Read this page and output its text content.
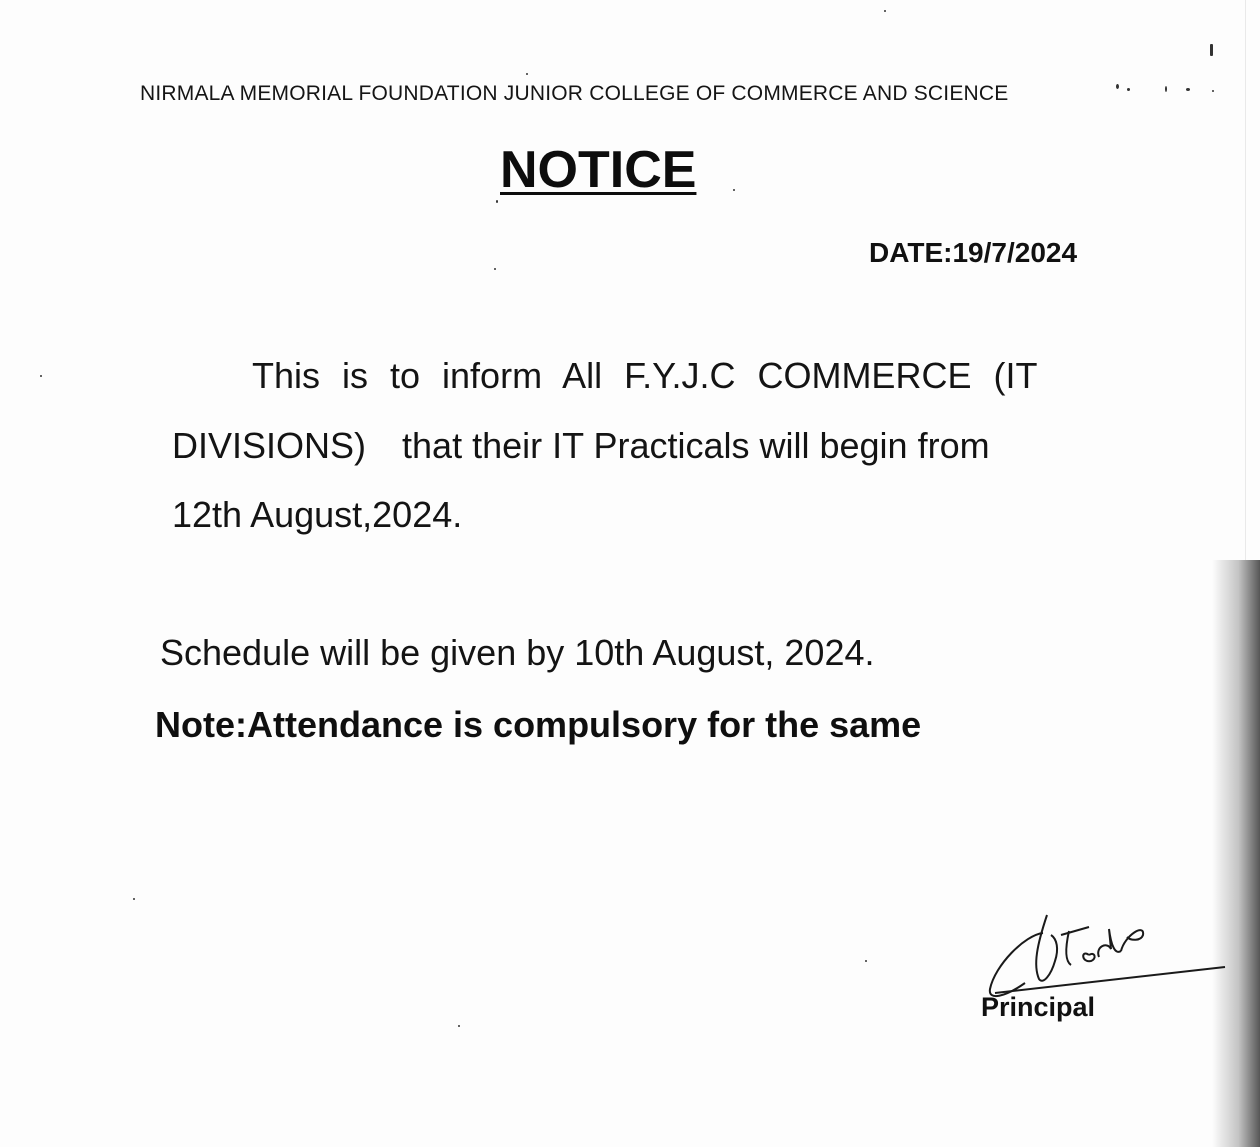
NIRMALA MEMORIAL FOUNDATION JUNIOR COLLEGE OF COMMERCE AND SCIENCE
NOTICE
DATE:19/7/2024
This is to inform All F.Y.J.C COMMERCE (IT
DIVISIONS) that their IT Practicals will begin from
12th August,2024.
Schedule will be given by 10th August, 2024.
Note:Attendance is compulsory for the same
Principal
